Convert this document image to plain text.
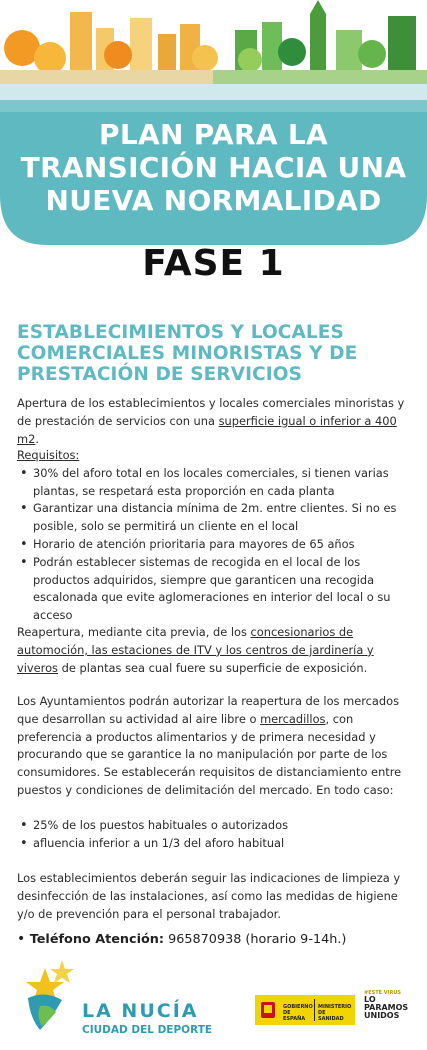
PLAN PARA LA
TRANSICIÓN HACIA UNA
NUEVA NORMALIDAD
FASE 1
ESTABLECIMIENTOS Y LOCALES
COMERCIALES MINORISTAS Y DE
PRESTACIÓN DE SERVICIOS
Apertura de los establecimientos y locales comerciales minoristas y de prestación de servicios con una superficie igual o inferior a 400 m2.
Requisitos:
• 30% del aforo total en los locales comerciales, si tienen varias plantas, se respetará esta proporción en cada planta
• Garantizar una distancia mínima de 2m. entre clientes. Si no es posible, solo se permitirá un cliente en el local
• Horario de atención prioritaria para mayores de 65 años
• Podrán establecer sistemas de recogida en el local de los productos adquiridos, siempre que garanticen una recogida escalonada que evite aglomeraciones en interior del local o su acceso
Reapertura, mediante cita previa, de los concesionarios de automoción, las estaciones de ITV y los centros de jardinería y viveros de plantas sea cual fuere su superficie de exposición.
Los Ayuntamientos podrán autorizar la reapertura de los mercados que desarrollan su actividad al aire libre o mercadillos, con preferencia a productos alimentarios y de primera necesidad y procurando que se garantice la no manipulación por parte de los consumidores. Se establecerán requisitos de distanciamiento entre puestos y condiciones de delimitación del mercado. En todo caso:
• 25% de los puestos habituales o autorizados
• afluencia inferior a un 1/3 del aforo habitual
Los establecimientos deberán seguir las indicaciones de limpieza y desinfección de las instalaciones, así como las medidas de higiene y/o de prevención para el personal trabajador.
• Teléfono Atención: 965870938 (horario 9-14h.)
LA NUCÍA
CIUDAD DEL DEPORTE
GOBIERNO DE ESPAÑA
MINISTERIO DE SANIDAD
#ESTE VIRUS
LO
PARAMOS
UNIDOS
